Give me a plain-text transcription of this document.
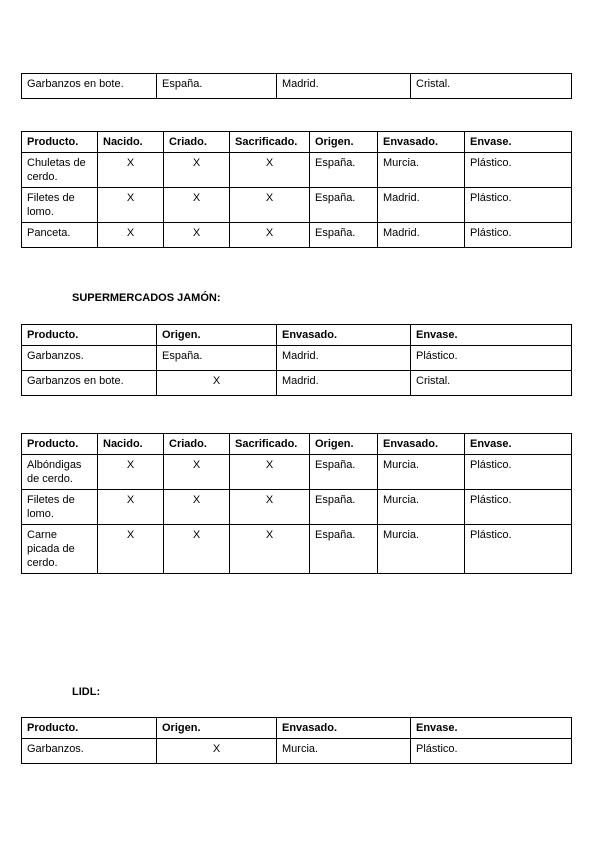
Garbanzos en bote.	España.	Madrid.	Cristal.
Producto.	Nacido.	Criado.	Sacrificado.	Origen.	Envasado.	Envase.
Chuletas de cerdo.	X	X	X	España.	Murcia.	Plástico.
Filetes de lomo.	X	X	X	España.	Madrid.	Plástico.
Panceta.	X	X	X	España.	Madrid.	Plástico.
SUPERMERCADOS JAMÓN:
Producto.	Origen.	Envasado.	Envase.
Garbanzos.	España.	Madrid.	Plástico.
Garbanzos en bote.	X	Madrid.	Cristal.
Producto.	Nacido.	Criado.	Sacrificado.	Origen.	Envasado.	Envase.
Albóndigas de cerdo.	X	X	X	España.	Murcia.	Plástico.
Filetes de lomo.	X	X	X	España.	Murcia.	Plástico.
Carne picada de cerdo.	X	X	X	España.	Murcia.	Plástico.
LIDL:
Producto.	Origen.	Envasado.	Envase.
Garbanzos.	X	Murcia.	Plástico.
